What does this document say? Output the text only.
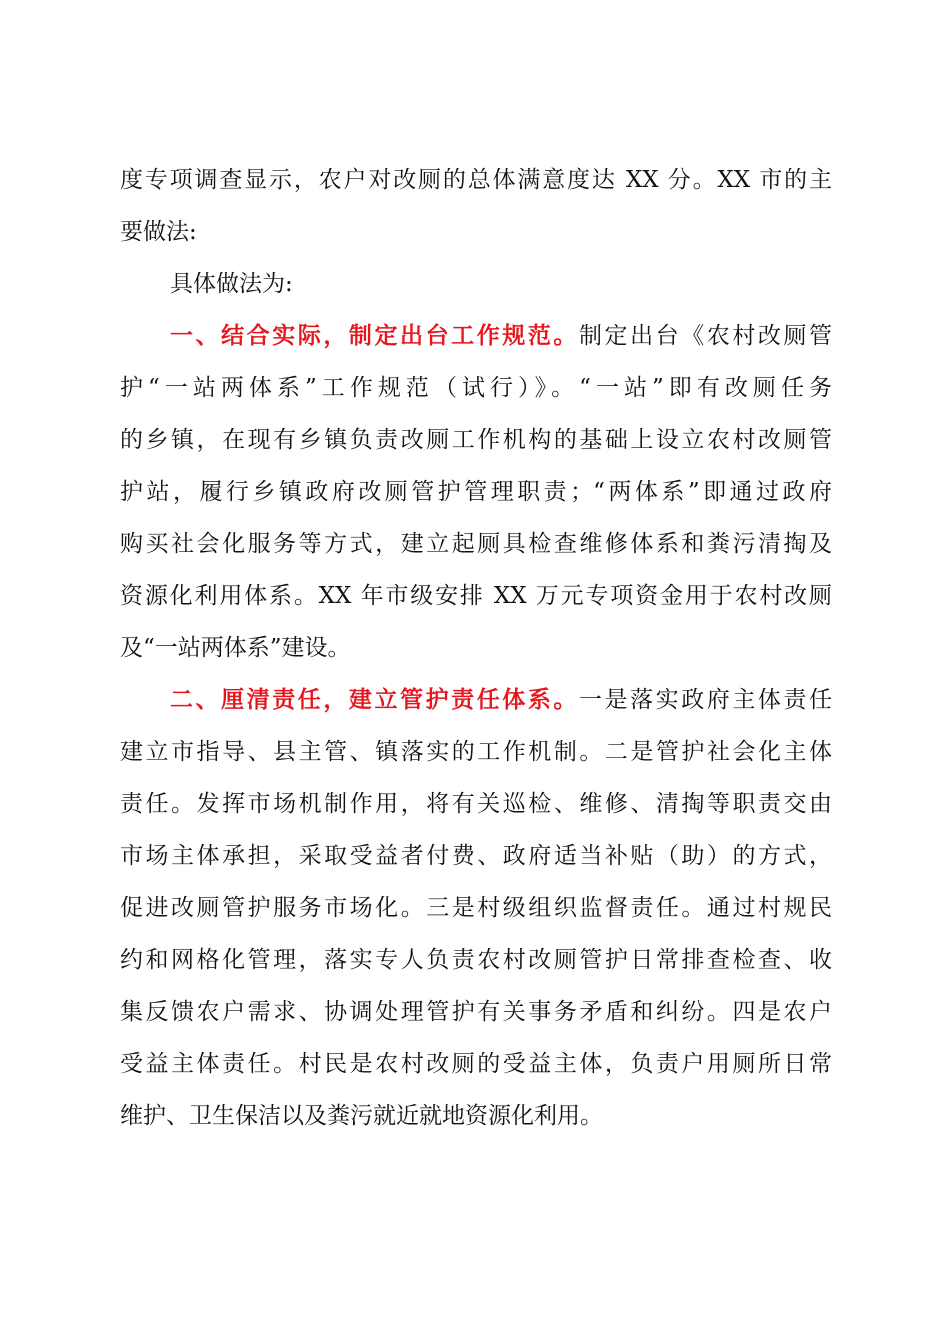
度专项调查显示，农户对改厕的总体满意度达 XX 分。XX 市的主
要做法:
具体做法为:
一、结合实际，制定出台工作规范。制定出台《农村改厕管
护“一站两体系”工作规范（试行）》。“一站”即有改厕任务
的乡镇，在现有乡镇负责改厕工作机构的基础上设立农村改厕管
护站，履行乡镇政府改厕管护管理职责；“两体系”即通过政府
购买社会化服务等方式，建立起厕具检查维修体系和粪污清掏及
资源化利用体系。XX 年市级安排 XX 万元专项资金用于农村改厕
及“一站两体系”建设。
二、厘清责任，建立管护责任体系。一是落实政府主体责任
建立市指导、县主管、镇落实的工作机制。二是管护社会化主体
责任。发挥市场机制作用，将有关巡检、维修、清掏等职责交由
市场主体承担，采取受益者付费、政府适当补贴（助）的方式，
促进改厕管护服务市场化。三是村级组织监督责任。通过村规民
约和网格化管理，落实专人负责农村改厕管护日常排查检查、收
集反馈农户需求、协调处理管护有关事务矛盾和纠纷。四是农户
受益主体责任。村民是农村改厕的受益主体，负责户用厕所日常
维护、卫生保洁以及粪污就近就地资源化利用。
